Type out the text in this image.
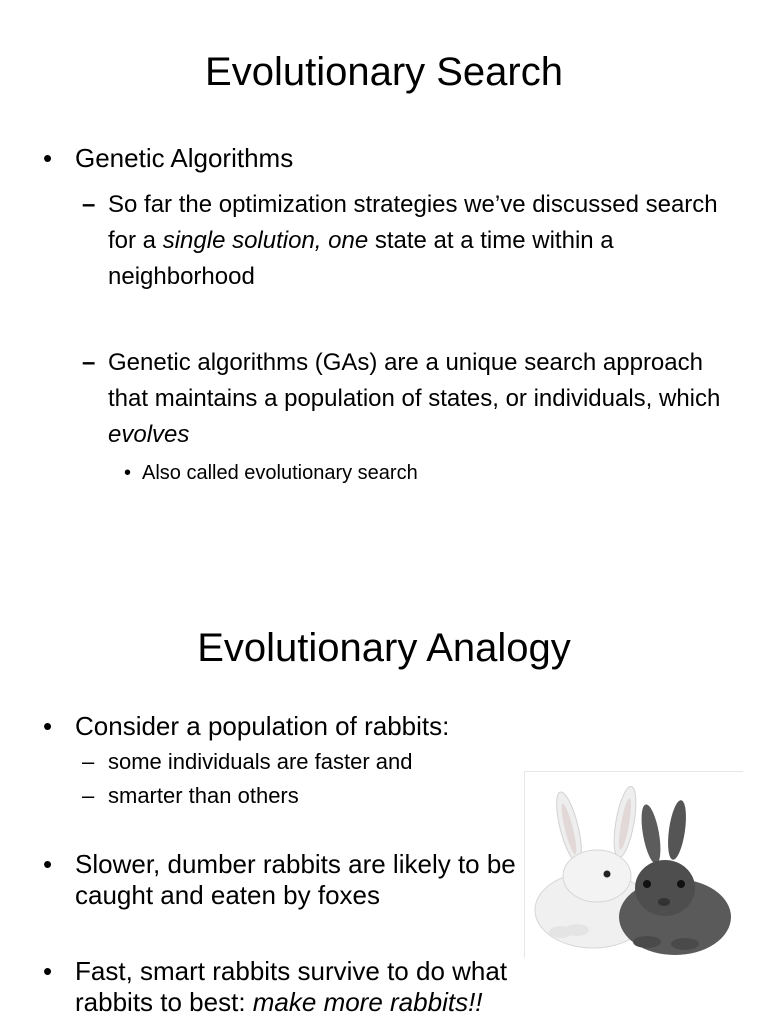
Evolutionary Search
• Genetic Algorithms
– So far the optimization strategies we’ve discussed search for a single solution, one state at a time within a neighborhood
– Genetic algorithms (GAs) are a unique search approach that maintains a population of states, or individuals, which evolves
• Also called evolutionary search
Evolutionary Analogy
• Consider a population of rabbits:
– some individuals are faster and
– smarter than others
• Slower, dumber rabbits are likely to be caught and eaten by foxes
• Fast, smart rabbits survive to do what rabbits to best: make more rabbits!!
